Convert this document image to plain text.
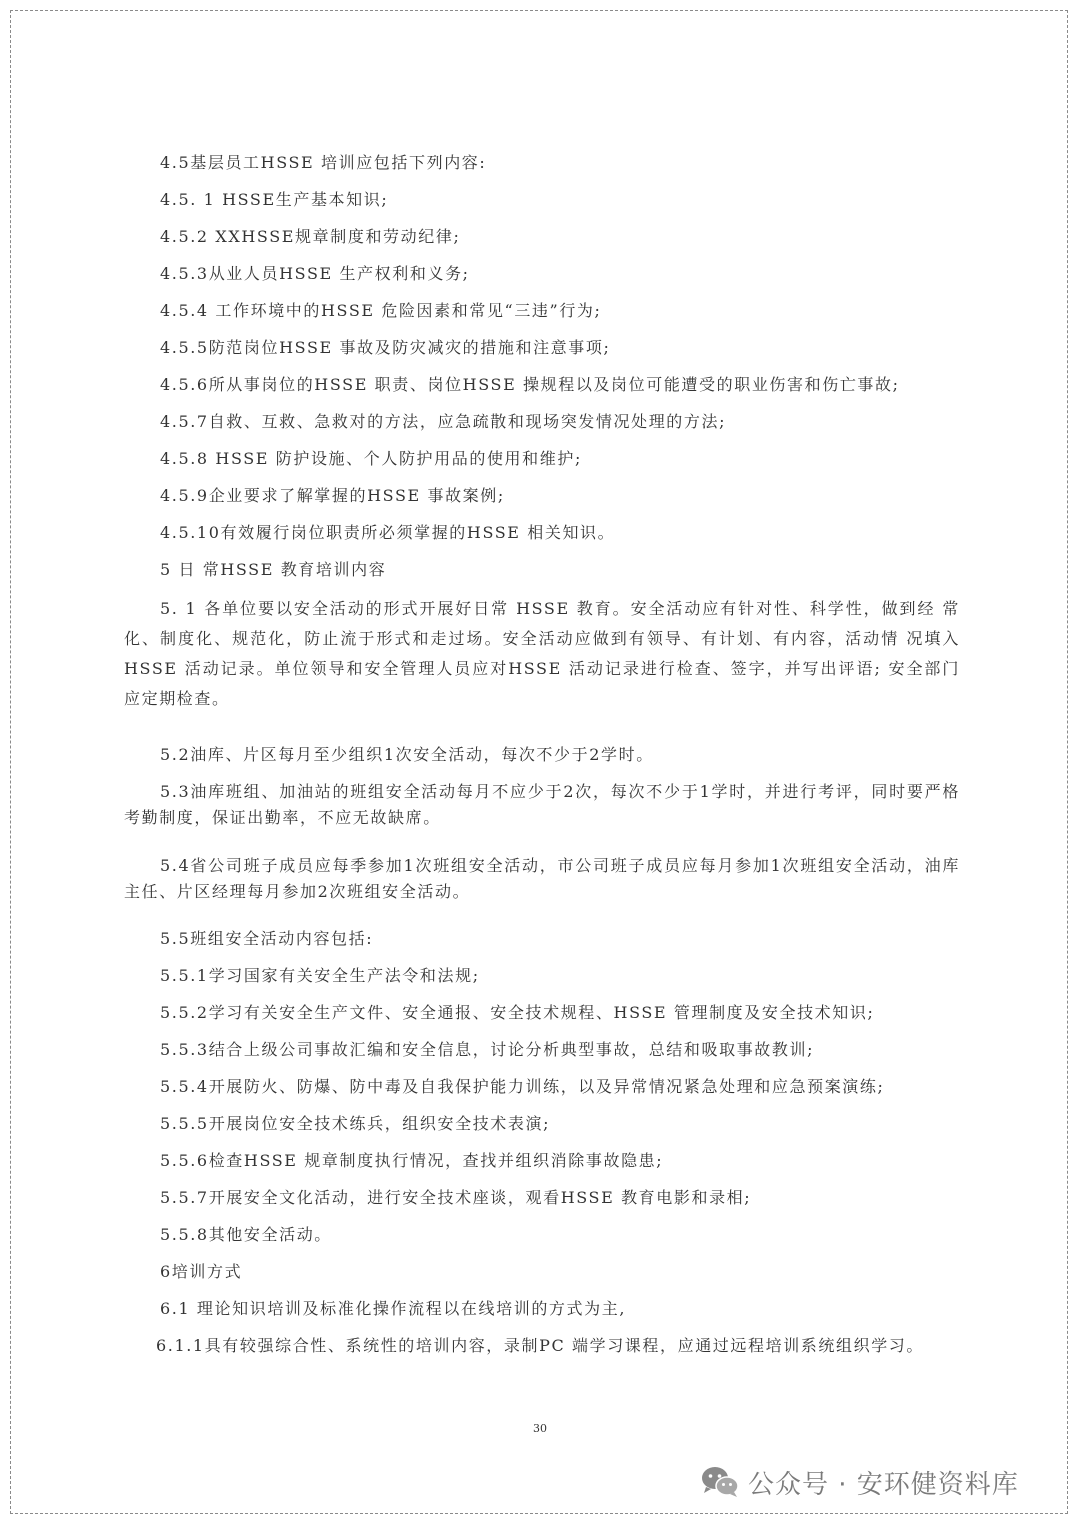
4.5基层员工HSSE 培训应包括下列内容:
4.5. 1 HSSE生产基本知识;
4.5.2 XXHSSE规章制度和劳动纪律;
4.5.3从业人员HSSE 生产权利和义务;
4.5.4 工作环境中的HSSE 危险因素和常见“三违”行为;
4.5.5防范岗位HSSE 事故及防灾减灾的措施和注意事项;
4.5.6所从事岗位的HSSE 职责、岗位HSSE 操规程以及岗位可能遭受的职业伤害和伤亡事故;
4.5.7自救、互救、急救对的方法，应急疏散和现场突发情况处理的方法;
4.5.8 HSSE 防护设施、个人防护用品的使用和维护;
4.5.9企业要求了解掌握的HSSE 事故案例;
4.5.10有效履行岗位职责所必须掌握的HSSE 相关知识。
5 日 常HSSE 教育培训内容
5. 1 各单位要以安全活动的形式开展好日常 HSSE 教育。安全活动应有针对性、科学性，做到经 常化、制度化、规范化，防止流于形式和走过场。安全活动应做到有领导、有计划、有内容，活动情 况填入HSSE 活动记录。单位领导和安全管理人员应对HSSE 活动记录进行检查、签字，并写出评语; 安全部门应定期检查。
5.2油库、片区每月至少组织1次安全活动，每次不少于2学时。
5.3油库班组、加油站的班组安全活动每月不应少于2次，每次不少于1学时，并进行考评，同时要严格考勤制度，保证出勤率，不应无故缺席。
5.4省公司班子成员应每季参加1次班组安全活动，市公司班子成员应每月参加1次班组安全活动，油库主任、片区经理每月参加2次班组安全活动。
5.5班组安全活动内容包括:
5.5.1学习国家有关安全生产法令和法规;
5.5.2学习有关安全生产文件、安全通报、安全技术规程、HSSE 管理制度及安全技术知识;
5.5.3结合上级公司事故汇编和安全信息，讨论分析典型事故，总结和吸取事故教训;
5.5.4开展防火、防爆、防中毒及自我保护能力训练，以及异常情况紧急处理和应急预案演练;
5.5.5开展岗位安全技术练兵，组织安全技术表演;
5.5.6检查HSSE 规章制度执行情况，查找并组织消除事故隐患;
5.5.7开展安全文化活动，进行安全技术座谈，观看HSSE 教育电影和录相;
5.5.8其他安全活动。
6培训方式
6.1 理论知识培训及标准化操作流程以在线培训的方式为主,
6.1.1具有较强综合性、系统性的培训内容，录制PC 端学习课程，应通过远程培训系统组织学习。
30
公众号 · 安环健资料库
